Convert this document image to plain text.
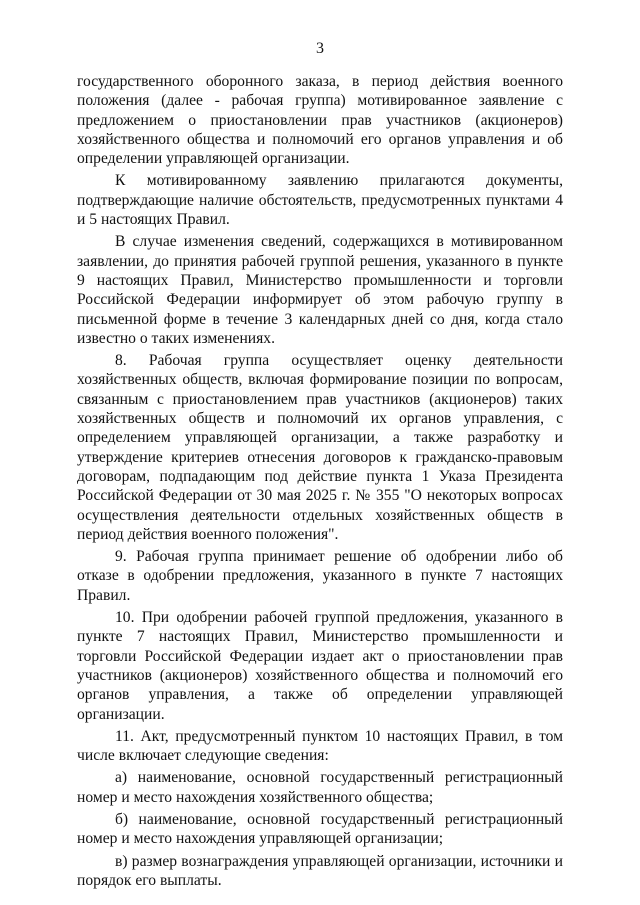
3

государственного оборонного заказа, в период действия военного положения (далее - рабочая группа) мотивированное заявление с предложением о приостановлении прав участников (акционеров) хозяйственного общества и полномочий его органов управления и об определении управляющей организации.

К мотивированному заявлению прилагаются документы, подтверждающие наличие обстоятельств, предусмотренных пунктами 4 и 5 настоящих Правил.

В случае изменения сведений, содержащихся в мотивированном заявлении, до принятия рабочей группой решения, указанного в пункте 9 настоящих Правил, Министерство промышленности и торговли Российской Федерации информирует об этом рабочую группу в письменной форме в течение 3 календарных дней со дня, когда стало известно о таких изменениях.

8. Рабочая группа осуществляет оценку деятельности хозяйственных обществ, включая формирование позиции по вопросам, связанным с приостановлением прав участников (акционеров) таких хозяйственных обществ и полномочий их органов управления, с определением управляющей организации, а также разработку и утверждение критериев отнесения договоров к гражданско-правовым договорам, подпадающим под действие пункта 1 Указа Президента Российской Федерации от 30 мая 2025 г. № 355 "О некоторых вопросах осуществления деятельности отдельных хозяйственных обществ в период действия военного положения".

9. Рабочая группа принимает решение об одобрении либо об отказе в одобрении предложения, указанного в пункте 7 настоящих Правил.

10. При одобрении рабочей группой предложения, указанного в пункте 7 настоящих Правил, Министерство промышленности и торговли Российской Федерации издает акт о приостановлении прав участников (акционеров) хозяйственного общества и полномочий его органов управления, а также об определении управляющей организации.

11. Акт, предусмотренный пунктом 10 настоящих Правил, в том числе включает следующие сведения:

а) наименование, основной государственный регистрационный номер и место нахождения хозяйственного общества;

б) наименование, основной государственный регистрационный номер и место нахождения управляющей организации;

в) размер вознаграждения управляющей организации, источники и порядок его выплаты.
